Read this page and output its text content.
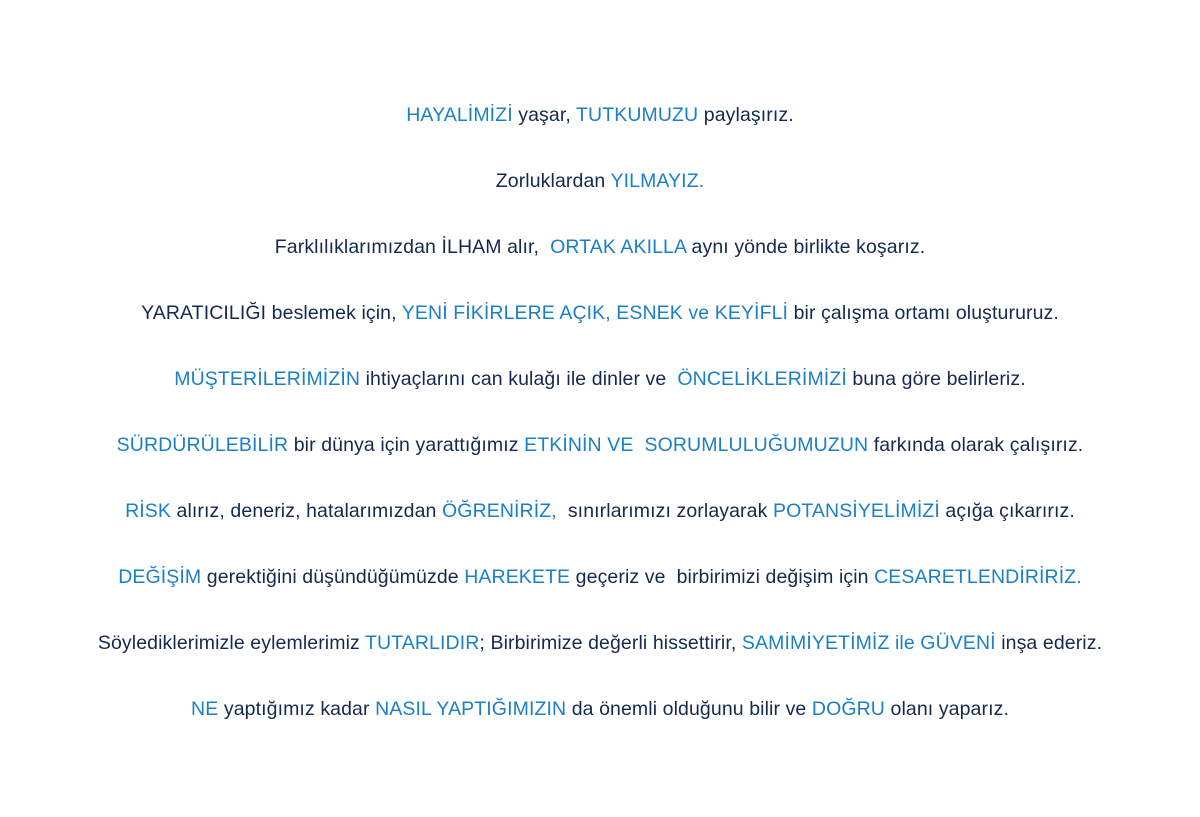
HAYALİMİZİ yaşar, TUTKUMUZU paylaşırız.

Zorluklardan YILMAYIZ.

Farklılıklarımızdan İLHAM alır,  ORTAK AKILLA aynı yönde birlikte koşarız.

YARATICILIĞI beslemek için, YENİ FİKİRLERE AÇIK, ESNEK ve KEYİFLİ bir çalışma ortamı oluştururuz.

MÜŞTERİLERİMİZİN ihtiyaçlarını can kulağı ile dinler ve  ÖNCELİKLERİMİZİ buna göre belirleriz.

SÜRDÜRÜLEBİLİR bir dünya için yarattığımız ETKİNİN VE  SORUMLULUĞUMUZUN farkında olarak çalışırız.

RİSK alırız, deneriz, hatalarımızdan ÖĞRENİRİZ,  sınırlarımızı zorlayarak POTANSİYELİMİZİ açığa çıkarırız.

DEĞİŞİM gerektiğini düşündüğümüzde HAREKETE geçeriz ve  birbirimizi değişim için CESARETLENDİRİRİZ.

Söylediklerimizle eylemlerimiz TUTARLIDIR; Birbirimize değerli hissettirir, SAMİMİYETİMİZ ile GÜVENİ inşa ederiz.

NE yaptığımız kadar NASIL YAPTIĞIMIZIN da önemli olduğunu bilir ve DOĞRU olanı yaparız.
